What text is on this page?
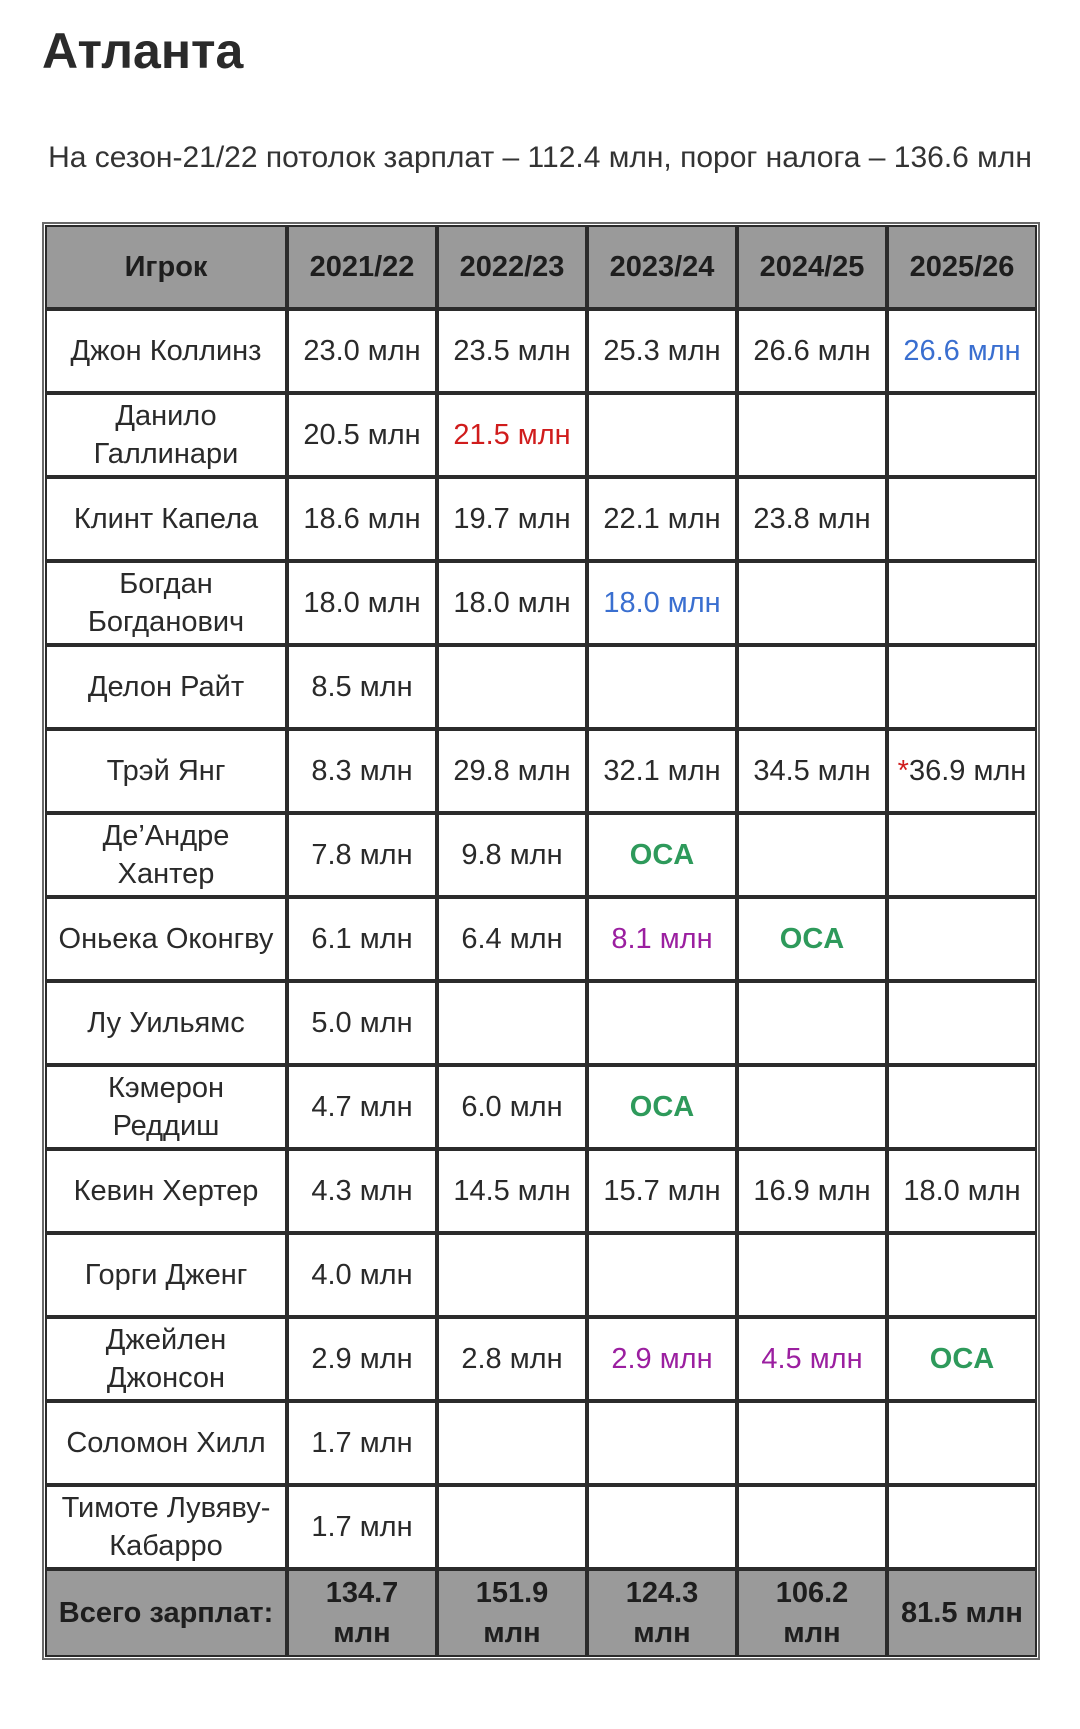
Атланта
На сезон-21/22 потолок зарплат – 112.4 млн, порог налога – 136.6 млн
Игрок	2021/22	2022/23	2023/24	2024/25	2025/26
Джон Коллинз	23.0 млн	23.5 млн	25.3 млн	26.6 млн	26.6 млн
Данило Галлинари	20.5 млн	21.5 млн			
Клинт Капела	18.6 млн	19.7 млн	22.1 млн	23.8 млн	
Богдан Богданович	18.0 млн	18.0 млн	18.0 млн		
Делон Райт	8.5 млн				
Трэй Янг	8.3 млн	29.8 млн	32.1 млн	34.5 млн	*36.9 млн
Де’Андре Хантер	7.8 млн	9.8 млн	OCA		
Оньека Оконгву	6.1 млн	6.4 млн	8.1 млн	OCA	
Лу Уильямс	5.0 млн				
Кэмерон Реддиш	4.7 млн	6.0 млн	OCA		
Кевин Хертер	4.3 млн	14.5 млн	15.7 млн	16.9 млн	18.0 млн
Горги Дженг	4.0 млн				
Джейлен Джонсон	2.9 млн	2.8 млн	2.9 млн	4.5 млн	OCA
Соломон Хилл	1.7 млн				
Тимоте Лувяву-Кабарро	1.7 млн				
Всего зарплат:	134.7 млн	151.9 млн	124.3 млн	106.2 млн	81.5 млн
